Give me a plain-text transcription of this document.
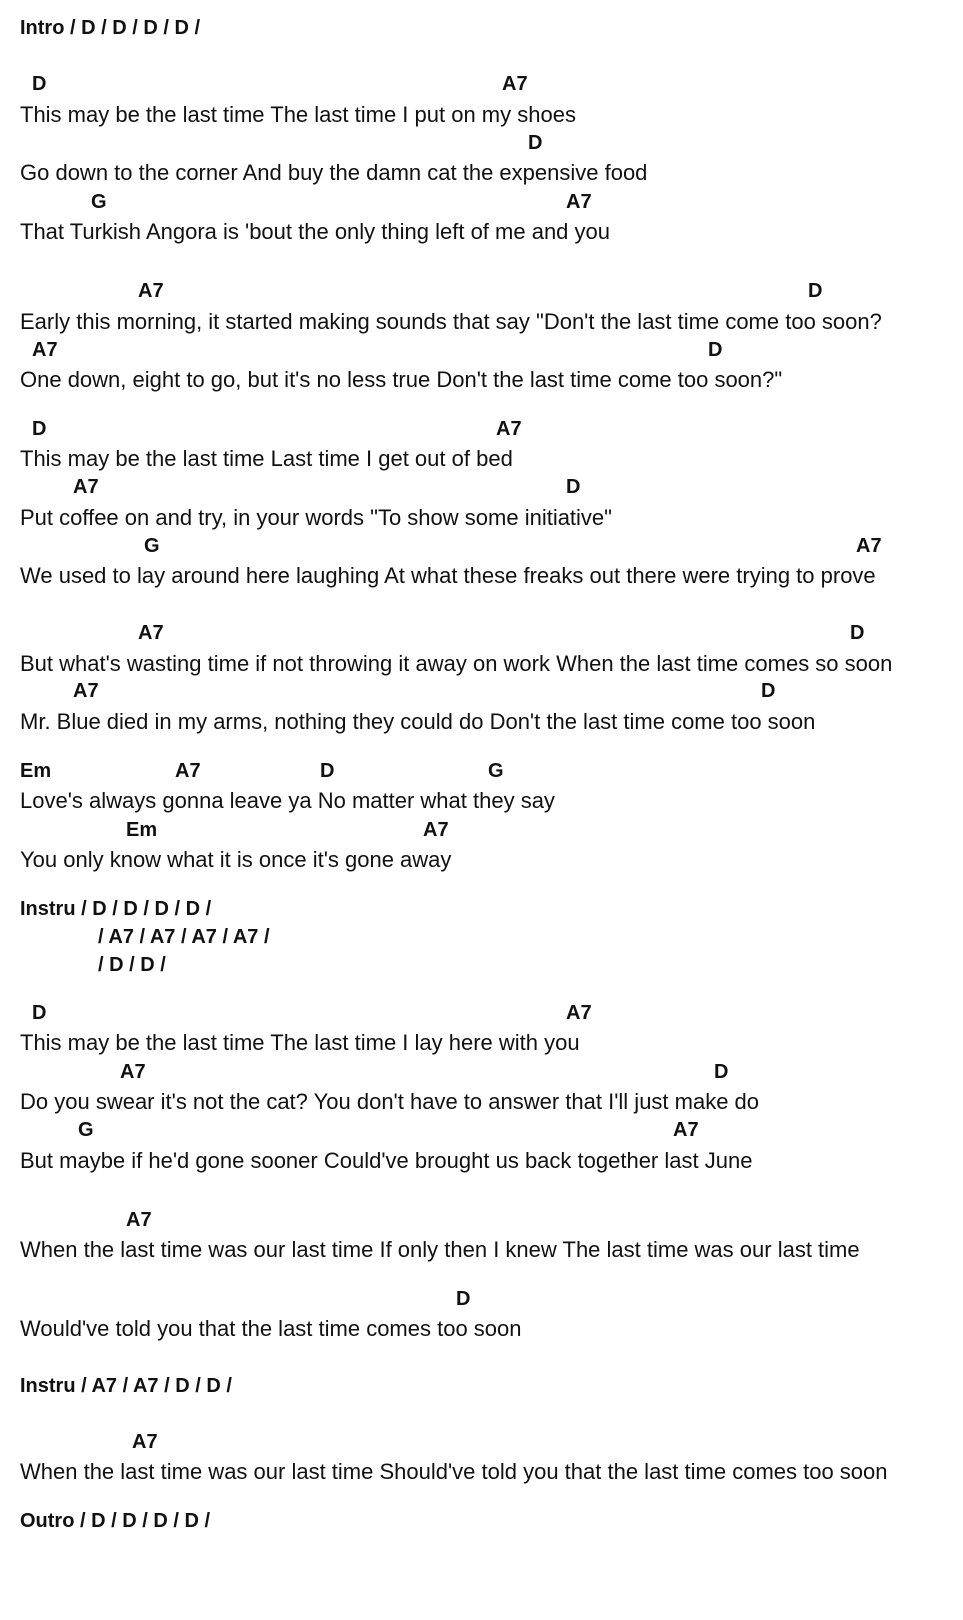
Intro / D / D / D / D /
D	A7
This may be the last time The last time I put on my shoes
D
Go down to the corner And buy the damn cat the expensive food
G	A7
That Turkish Angora is 'bout the only thing left of me and you
A7	D
Early this morning, it started making sounds that say "Don't the last time come too soon?
A7	D
One down, eight to go, but it's no less true Don't the last time come too soon?"
D	A7
This may be the last time Last time I get out of bed
A7	D
Put coffee on and try, in your words "To show some initiative"
G	A7
We used to lay around here laughing At what these freaks out there were trying to prove
A7	D
But what's wasting time if not throwing it away on work When the last time comes so soon
A7	D
Mr. Blue died in my arms, nothing they could do Don't the last time come too soon
Em	A7	D	G
Love's always gonna leave ya No matter what they say
Em	A7
You only know what it is once it's gone away
Instru / D / D / D / D /
/ A7 / A7 / A7 / A7 /
/ D / D /
D	A7
This may be the last time The last time I lay here with you
A7	D
Do you swear it's not the cat? You don't have to answer that I'll just make do
G	A7
But maybe if he'd gone sooner Could've brought us back together last June
A7
When the last time was our last time If only then I knew The last time was our last time
D
Would've told you that the last time comes too soon
Instru / A7 / A7 / D / D /
A7
When the last time was our last time Should've told you that the last time comes too soon
Outro / D / D / D / D /
